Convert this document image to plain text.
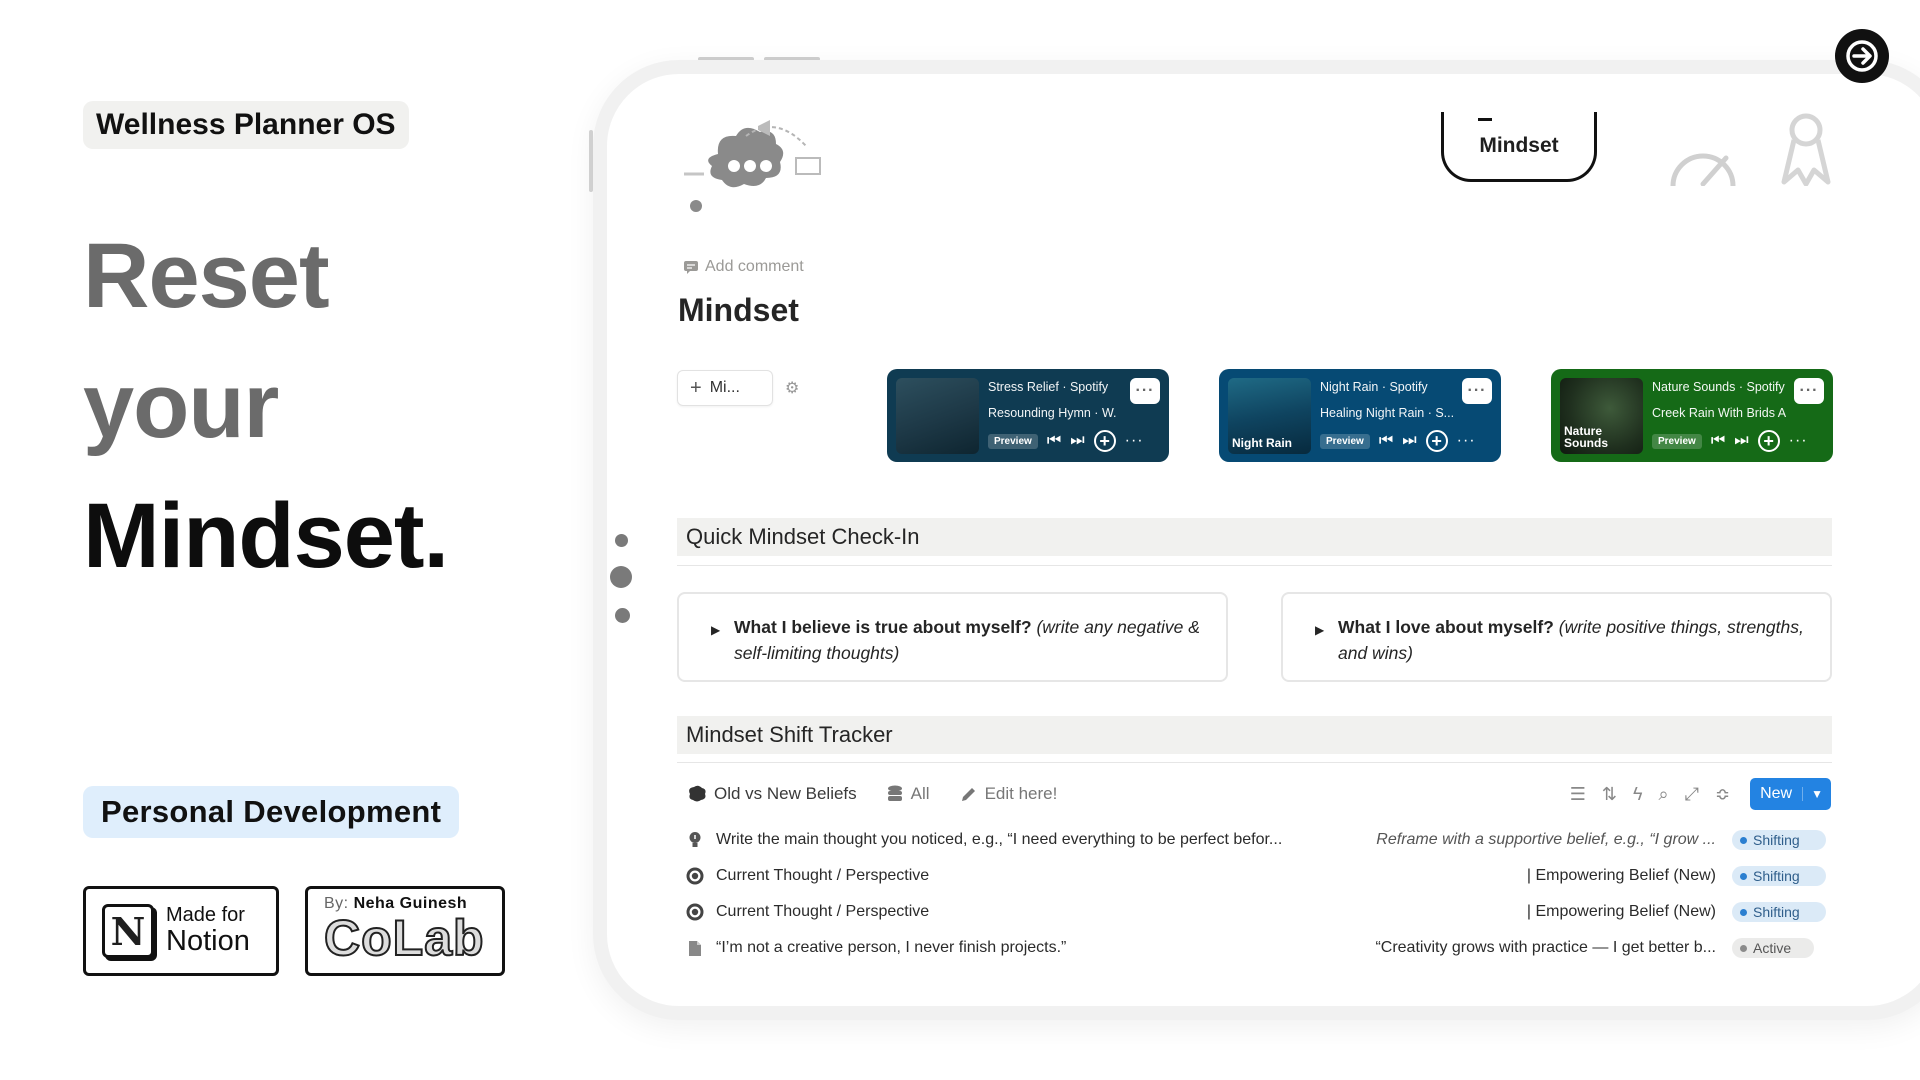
Wellness Planner OS
Reset
your
Mindset.
Personal Development
N	Made for
Notion
By: Neha Guinesh
CoLab
Mindset
Add comment
Mindset
+ Mi...	⚙	Stress Relief · Spotify
Resounding Hymn · W.
Preview ⏮ ⏭ + ···
···
Night Rain
Night Rain · Spotify
Healing Night Rain · S...
Preview ⏮ ⏭ + ···
···
Nature Sounds
Nature Sounds · Spotify
Creek Rain With Brids A
Preview ⏮ ⏭ + ···
···
Quick Mindset Check-In
▶ What I believe is true about myself? (write any negative & self-limiting thoughts)
▶ What I love about myself? (write positive things, strengths, and wins)
Mindset Shift Tracker
Old vs New Beliefs	All	Edit here!	☰ ⇅ ϟ ⌕ ⤢ ≎	New	▼
Write the main thought you noticed, e.g., “I need everything to be perfect befor...	Reframe with a supportive belief, e.g., “I grow ...	Shifting
Current Thought / Perspective	| Empowering Belief (New)	Shifting
Current Thought / Perspective	| Empowering Belief (New)	Shifting
“I’m not a creative person, I never finish projects.”	“Creativity grows with practice — I get better b...	Active
